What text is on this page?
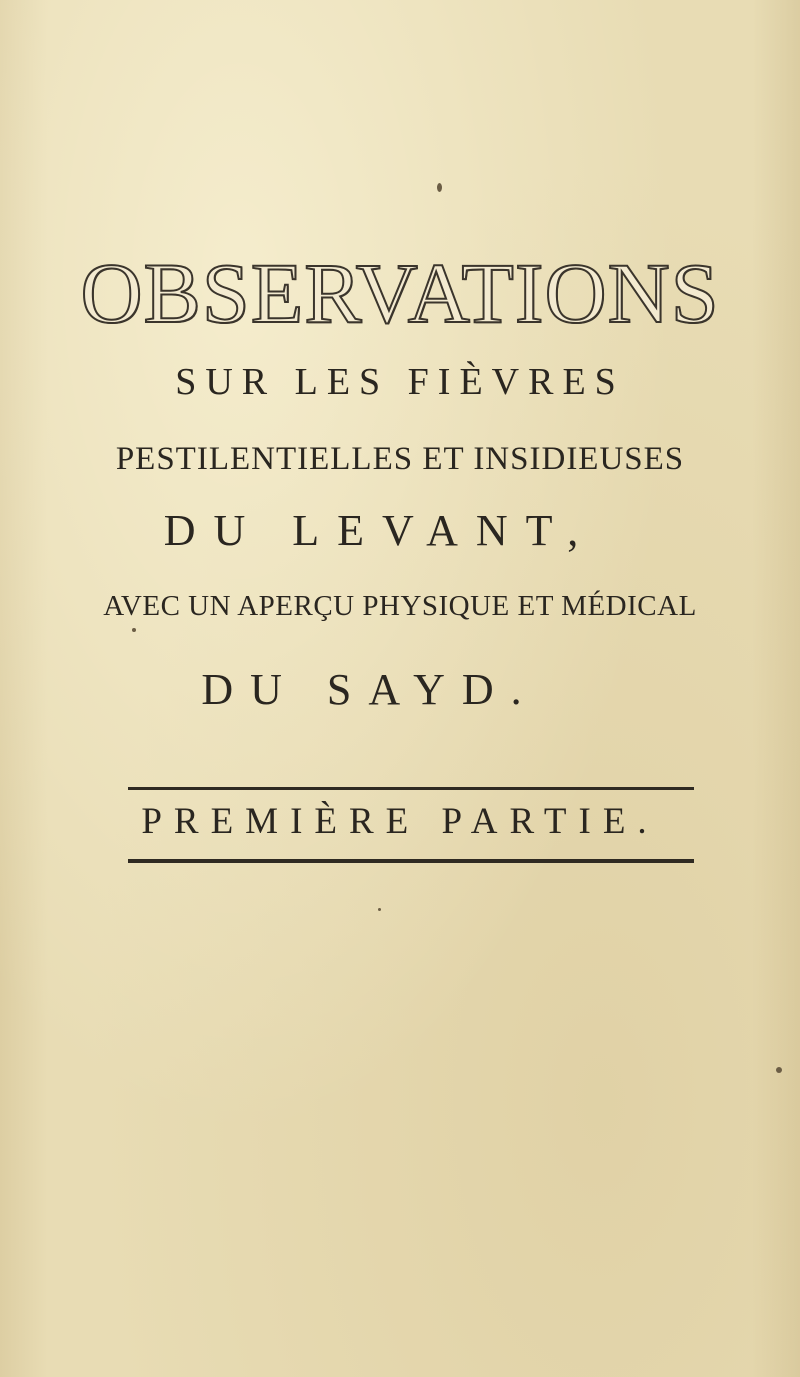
OBSERVATIONS
SUR LES FIÈVRES
PESTILENTIELLES ET INSIDIEUSES
DU LEVANT,
AVEC UN APERÇU PHYSIQUE ET MÉDICAL
DU SAYD.
PREMIÈRE PARTIE.
